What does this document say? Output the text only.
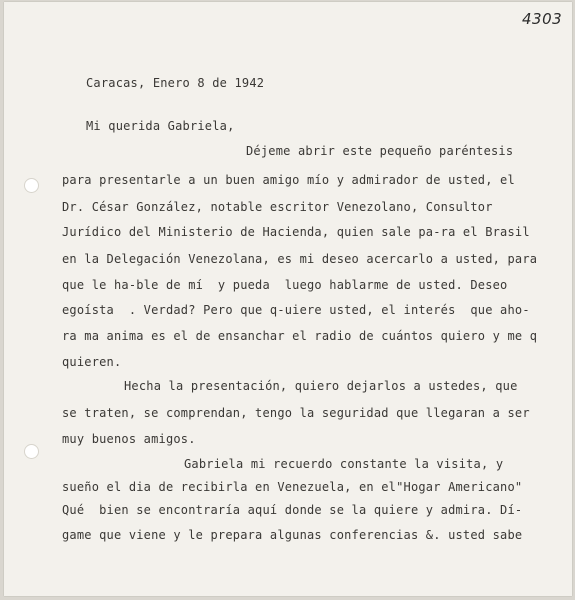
4303
Caracas, Enero 8 de 1942
Mi querida Gabriela,
Déjeme abrir este pequeño paréntesis
para presentarle a un buen amigo mío y admirador de usted, el
Dr. César González, notable escritor Venezolano, Consultor
Jurídico del Ministerio de Hacienda, quien sale pa-ra el Brasil
en la Delegación Venezolana, es mi deseo acercarlo a usted, para
que le ha-ble de mí  y pueda  luego hablarme de usted. Deseo
egoísta  . Verdad? Pero que q-uiere usted, el interés  que aho-
ra ma anima es el de ensanchar el radio de cuántos quiero y me q
quieren.
Hecha la presentación, quiero dejarlos a ustedes, que
se traten, se comprendan, tengo la seguridad que llegaran a ser
muy buenos amigos.
Gabriela mi recuerdo constante la visita, y
sueño el dia de recibirla en Venezuela, en el"Hogar Americano"
Qué  bien se encontraría aquí donde se la quiere y admira. Dí-
game que viene y le prepara algunas conferencias &. usted sabe
